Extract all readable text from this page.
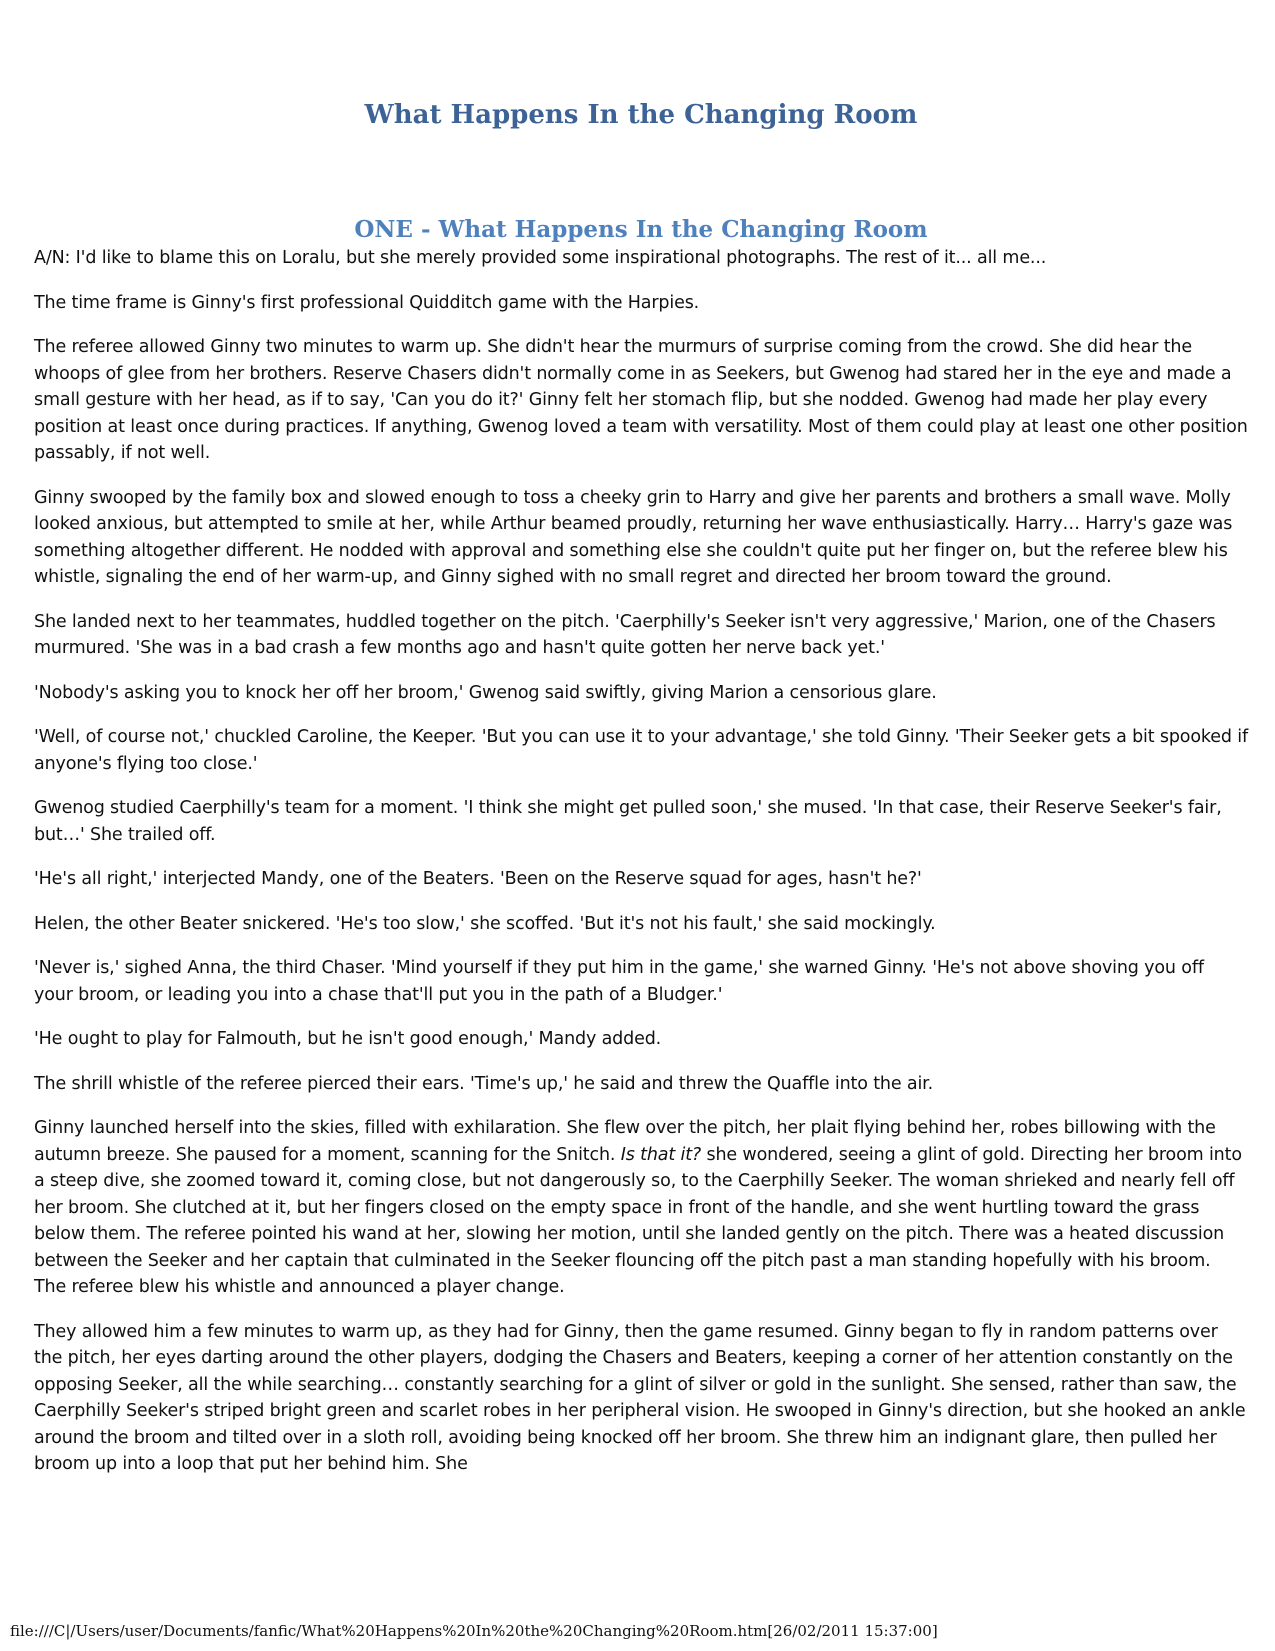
What Happens In the Changing Room
ONE - What Happens In the Changing Room

A/N: I'd like to blame this on Loralu, but she merely provided some inspirational photographs. The rest of it... all me...

The time frame is Ginny's first professional Quidditch game with the Harpies.

The referee allowed Ginny two minutes to warm up. She didn't hear the murmurs of surprise coming from the crowd. She did hear the whoops of glee from her brothers. Reserve Chasers didn't normally come in as Seekers, but Gwenog had stared her in the eye and made a small gesture with her head, as if to say, 'Can you do it?' Ginny felt her stomach flip, but she nodded. Gwenog had made her play every position at least once during practices. If anything, Gwenog loved a team with versatility. Most of them could play at least one other position passably, if not well.

Ginny swooped by the family box and slowed enough to toss a cheeky grin to Harry and give her parents and brothers a small wave. Molly looked anxious, but attempted to smile at her, while Arthur beamed proudly, returning her wave enthusiastically. Harry… Harry's gaze was something altogether different. He nodded with approval and something else she couldn't quite put her finger on, but the referee blew his whistle, signaling the end of her warm-up, and Ginny sighed with no small regret and directed her broom toward the ground.

She landed next to her teammates, huddled together on the pitch. 'Caerphilly's Seeker isn't very aggressive,' Marion, one of the Chasers murmured. 'She was in a bad crash a few months ago and hasn't quite gotten her nerve back yet.'

'Nobody's asking you to knock her off her broom,' Gwenog said swiftly, giving Marion a censorious glare.

'Well, of course not,' chuckled Caroline, the Keeper. 'But you can use it to your advantage,' she told Ginny. 'Their Seeker gets a bit spooked if anyone's flying too close.'

Gwenog studied Caerphilly's team for a moment. 'I think she might get pulled soon,' she mused. 'In that case, their Reserve Seeker's fair, but…' She trailed off.

'He's all right,' interjected Mandy, one of the Beaters. 'Been on the Reserve squad for ages, hasn't he?'

Helen, the other Beater snickered. 'He's too slow,' she scoffed. 'But it's not his fault,' she said mockingly.

'Never is,' sighed Anna, the third Chaser. 'Mind yourself if they put him in the game,' she warned Ginny. 'He's not above shoving you off your broom, or leading you into a chase that'll put you in the path of a Bludger.'

'He ought to play for Falmouth, but he isn't good enough,' Mandy added.

The shrill whistle of the referee pierced their ears. 'Time's up,' he said and threw the Quaffle into the air.

Ginny launched herself into the skies, filled with exhilaration. She flew over the pitch, her plait flying behind her, robes billowing with the autumn breeze. She paused for a moment, scanning for the Snitch. Is that it? she wondered, seeing a glint of gold. Directing her broom into a steep dive, she zoomed toward it, coming close, but not dangerously so, to the Caerphilly Seeker. The woman shrieked and nearly fell off her broom. She clutched at it, but her fingers closed on the empty space in front of the handle, and she went hurtling toward the grass below them. The referee pointed his wand at her, slowing her motion, until she landed gently on the pitch. There was a heated discussion between the Seeker and her captain that culminated in the Seeker flouncing off the pitch past a man standing hopefully with his broom. The referee blew his whistle and announced a player change.

They allowed him a few minutes to warm up, as they had for Ginny, then the game resumed. Ginny began to fly in random patterns over the pitch, her eyes darting around the other players, dodging the Chasers and Beaters, keeping a corner of her attention constantly on the opposing Seeker, all the while searching… constantly searching for a glint of silver or gold in the sunlight. She sensed, rather than saw, the Caerphilly Seeker's striped bright green and scarlet robes in her peripheral vision. He swooped in Ginny's direction, but she hooked an ankle around the broom and tilted over in a sloth roll, avoiding being knocked off her broom. She threw him an indignant glare, then pulled her broom up into a loop that put her behind him. She

file:///C|/Users/user/Documents/fanfic/What%20Happens%20In%20the%20Changing%20Room.htm[26/02/2011 15:37:00]
